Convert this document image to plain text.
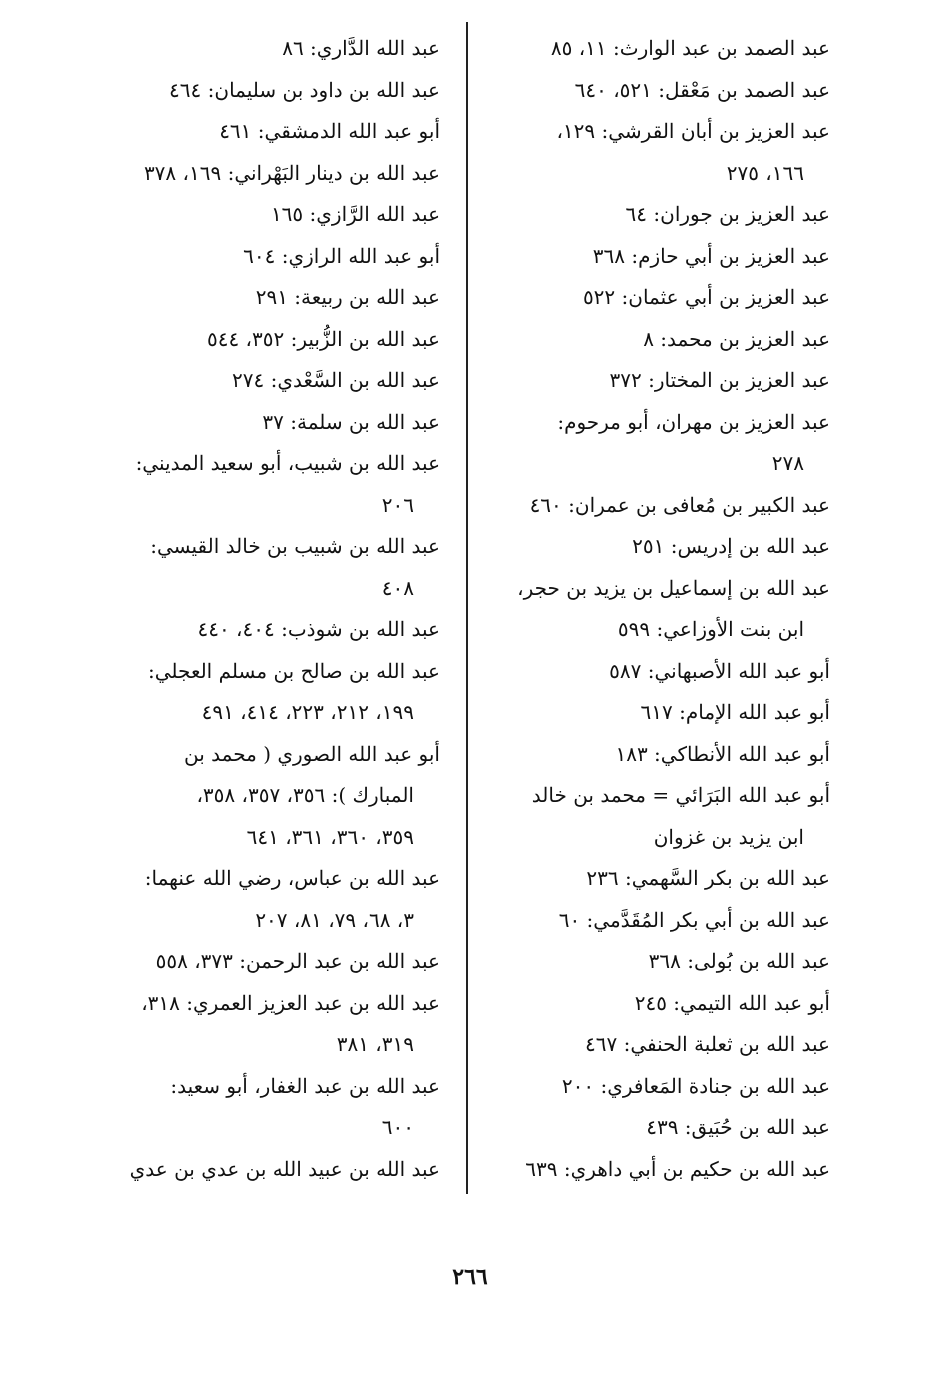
عبد الصمد بن عبد الوارث: ١١، ٨٥
عبد الصمد بن مَعْقل: ٥٢١، ٦٤٠
عبد العزيز بن أبان القرشي: ١٢٩،
١٦٦، ٢٧٥
عبد العزيز بن جوران: ٦٤
عبد العزيز بن أبي حازم: ٣٦٨
عبد العزيز بن أبي عثمان: ٥٢٢
عبد العزيز بن محمد: ٨
عبد العزيز بن المختار: ٣٧٢
عبد العزيز بن مهران، أبو مرحوم:
٢٧٨
عبد الكبير بن مُعافى بن عمران: ٤٦٠
عبد الله بن إدريس: ٢٥١
عبد الله بن إسماعيل بن يزيد بن حجر،
ابن بنت الأوزاعي: ٥٩٩
أبو عبد الله الأصبهاني: ٥٨٧
أبو عبد الله الإمام: ٦١٧
أبو عبد الله الأنطاكي: ١٨٣
أبو عبد الله البَرَائي = محمد بن خالد
ابن يزيد بن غزوان
عبد الله بن بكر السَّهمي: ٢٣٦
عبد الله بن أبي بكر المُقَدَّمي: ٦٠
عبد الله بن بُولى: ٣٦٨
أبو عبد الله التيمي: ٢٤٥
عبد الله بن ثعلبة الحنفي: ٤٦٧
عبد الله بن جنادة المَعافري: ٢٠٠
عبد الله بن حُبَيق: ٤٣٩
عبد الله بن حكيم بن أبي داهري: ٦٣٩
عبد الله الدَّاري: ٨٦
عبد الله بن داود بن سليمان: ٤٦٤
أبو عبد الله الدمشقي: ٤٦١
عبد الله بن دينار البَهْراني: ١٦٩، ٣٧٨
عبد الله الرَّازي: ١٦٥
أبو عبد الله الرازي: ٦٠٤
عبد الله بن ربيعة: ٢٩١
عبد الله بن الزُّبير: ٣٥٢، ٥٤٤
عبد الله بن السَّعْدي: ٢٧٤
عبد الله بن سلمة: ٣٧
عبد الله بن شبيب، أبو سعيد المديني:
٢٠٦
عبد الله بن شبيب بن خالد القيسي:
٤٠٨
عبد الله بن شوذب: ٤٠٤، ٤٤٠
عبد الله بن صالح بن مسلم العجلي:
١٩٩، ٢١٢، ٢٢٣، ٤١٤، ٤٩١
أبو عبد الله الصوري ( محمد بن
المبارك ): ٣٥٦، ٣٥٧، ٣٥٨،
٣٥٩، ٣٦٠، ٣٦١، ٦٤١
عبد الله بن عباس، رضي الله عنهما:
٣، ٦٨، ٧٩، ٨١، ٢٠٧
عبد الله بن عبد الرحمن: ٣٧٣، ٥٥٨
عبد الله بن عبد العزيز العمري: ٣١٨،
٣١٩، ٣٨١
عبد الله بن عبد الغفار، أبو سعيد:
٦٠٠
عبد الله بن عبيد الله بن عدي بن عدي
٢٦٦
